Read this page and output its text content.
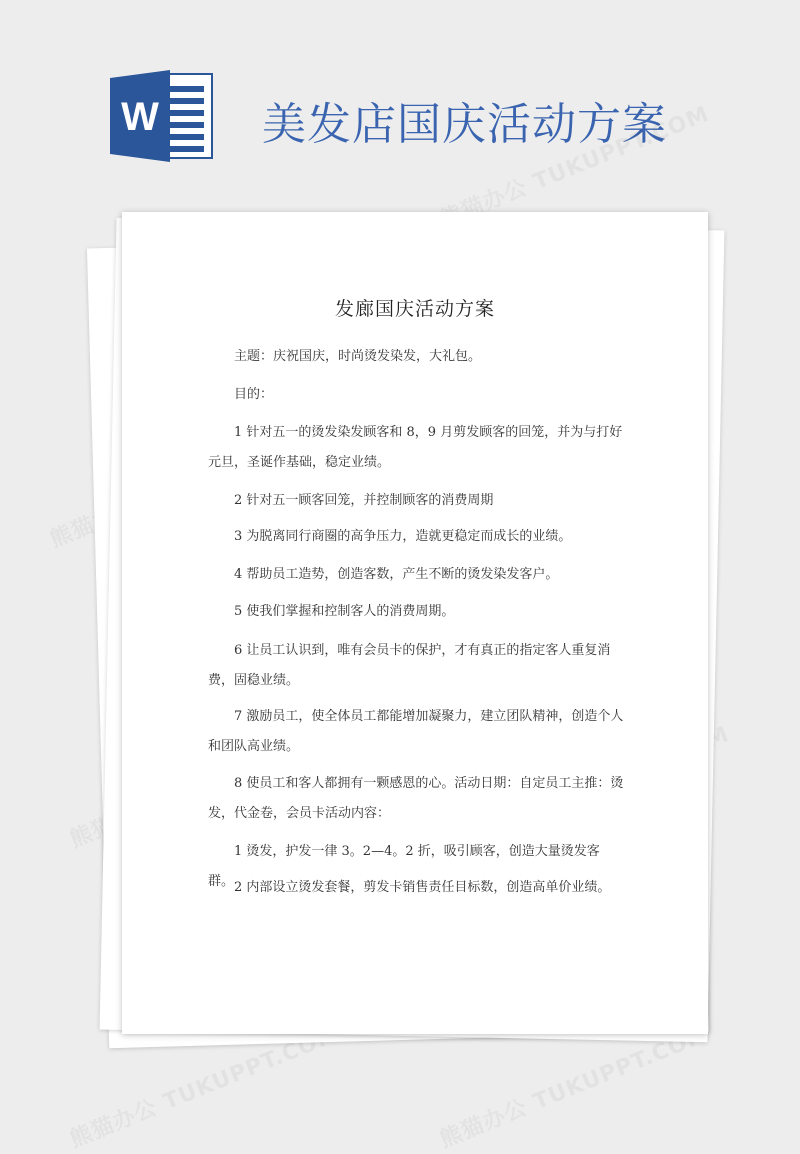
W 美发店国庆活动方案
发廊国庆活动方案
主题：庆祝国庆，时尚烫发染发，大礼包。
目的：
1 针对五一的烫发染发顾客和 8，9 月剪发顾客的回笼，并为与打好元旦，圣诞作基础，稳定业绩。
2 针对五一顾客回笼，并控制顾客的消费周期
3 为脱离同行商圈的高争压力，造就更稳定而成长的业绩。
4 帮助员工造势，创造客数，产生不断的烫发染发客户。
5 使我们掌握和控制客人的消费周期。
6 让员工认识到，唯有会员卡的保护，才有真正的指定客人重复消费，固稳业绩。
7 激励员工，使全体员工都能增加凝聚力，建立团队精神，创造个人和团队高业绩。
8 使员工和客人都拥有一颗感恩的心。活动日期：自定员工主推：烫发，代金卷，会员卡活动内容：
1 烫发，护发一律 3。2—4。2 折，吸引顾客，创造大量烫发客群。 2 内部设立烫发套餐，剪发卡销售责任目标数，创造高单价业绩。
